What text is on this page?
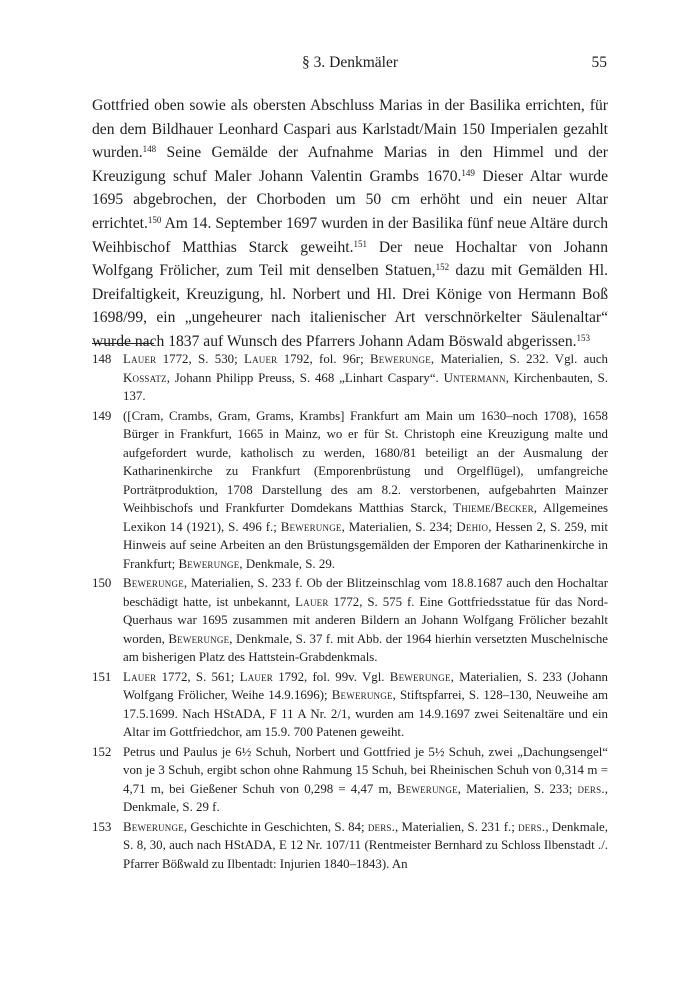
§ 3. Denkmäler	55

Gottfried oben sowie als obersten Abschluss Marias in der Basilika errichten, für den dem Bildhauer Leonhard Caspari aus Karlstadt/Main 150 Imperialen gezahlt wurden.$^{148}$ Seine Gemälde der Aufnahme Marias in den Himmel und der Kreuzigung schuf Maler Johann Valentin Grambs 1670.$^{149}$ Dieser Altar wurde 1695 abgebrochen, der Chorboden um 50 cm erhöht und ein neuer Altar errichtet.$^{150}$ Am 14. September 1697 wurden in der Basilika fünf neue Altäre durch Weihbischof Matthias Starck geweiht.$^{151}$ Der neue Hochaltar von Johann Wolfgang Frölicher, zum Teil mit denselben Statuen,$^{152}$ dazu mit Gemälden Hl. Dreifaltigkeit, Kreuzigung, hl. Norbert und Hl. Drei Könige von Hermann Boß 1698/99, ein „ungeheurer nach italienischer Art verschnörkelter Säulenaltar“ wurde nach 1837 auf Wunsch des Pfarrers Johann Adam Böswald abgerissen.$^{153}$

148 Lauer 1772, S. 530; Lauer 1792, fol. 96r; Bewerunge, Materialien, S. 232. Vgl. auch Kossatz, Johann Philipp Preuss, S. 468 „Linhart Caspary“. Untermann, Kirchenbauten, S. 137.
149 ([Cram, Crambs, Gram, Grams, Krambs] Frankfurt am Main um 1630–noch 1708), 1658 Bürger in Frankfurt, 1665 in Mainz, wo er für St. Christoph eine Kreuzigung malte und aufgefordert wurde, katholisch zu werden, 1680/81 beteiligt an der Ausmalung der Katharinenkirche zu Frankfurt (Emporenbrüstung und Orgelflügel), umfangreiche Porträtproduktion, 1708 Darstellung des am 8.2. verstorbenen, aufgebahrten Mainzer Weihbischofs und Frankfurter Domdekans Matthias Starck, Thieme/Becker, Allgemeines Lexikon 14 (1921), S. 496 f.; Bewerunge, Materialien, S. 234; Dehio, Hessen 2, S. 259, mit Hinweis auf seine Arbeiten an den Brüstungsgemälden der Emporen der Katharinenkirche in Frankfurt; Bewerunge, Denkmale, S. 29.
150 Bewerunge, Materialien, S. 233 f. Ob der Blitzeinschlag vom 18.8.1687 auch den Hochaltar beschädigt hatte, ist unbekannt, Lauer 1772, S. 575 f. Eine Gottfriedsstatue für das Nord-Querhaus war 1695 zusammen mit anderen Bildern an Johann Wolfgang Frölicher bezahlt worden, Bewerunge, Denkmale, S. 37 f. mit Abb. der 1964 hierhin versetzten Muschelnische am bisherigen Platz des Hattstein-Grabdenkmals.
151 Lauer 1772, S. 561; Lauer 1792, fol. 99v. Vgl. Bewerunge, Materialien, S. 233 (Johann Wolfgang Frölicher, Weihe 14.9.1696); Bewerunge, Stiftspfarrei, S. 128–130, Neuweihe am 17.5.1699. Nach HStADA, F 11 A Nr. 2/1, wurden am 14.9.1697 zwei Seitenaltäre und ein Altar im Gottfriedchor, am 15.9. 700 Patenen geweiht.
152 Petrus und Paulus je 6½ Schuh, Norbert und Gottfried je 5½ Schuh, zwei „Dachungsengel“ von je 3 Schuh, ergibt schon ohne Rahmung 15 Schuh, bei Rheinischen Schuh von 0,314 m = 4,71 m, bei Gießener Schuh von 0,298 = 4,47 m, Bewerunge, Materialien, S. 233; ders., Denkmale, S. 29 f.
153 Bewerunge, Geschichte in Geschichten, S. 84; ders., Materialien, S. 231 f.; ders., Denkmale, S. 8, 30, auch nach HStADA, E 12 Nr. 107/11 (Rentmeister Bernhard zu Schloss Ilbenstadt ./. Pfarrer Bößwald zu Ilbentadt: Injurien 1840–1843). An
